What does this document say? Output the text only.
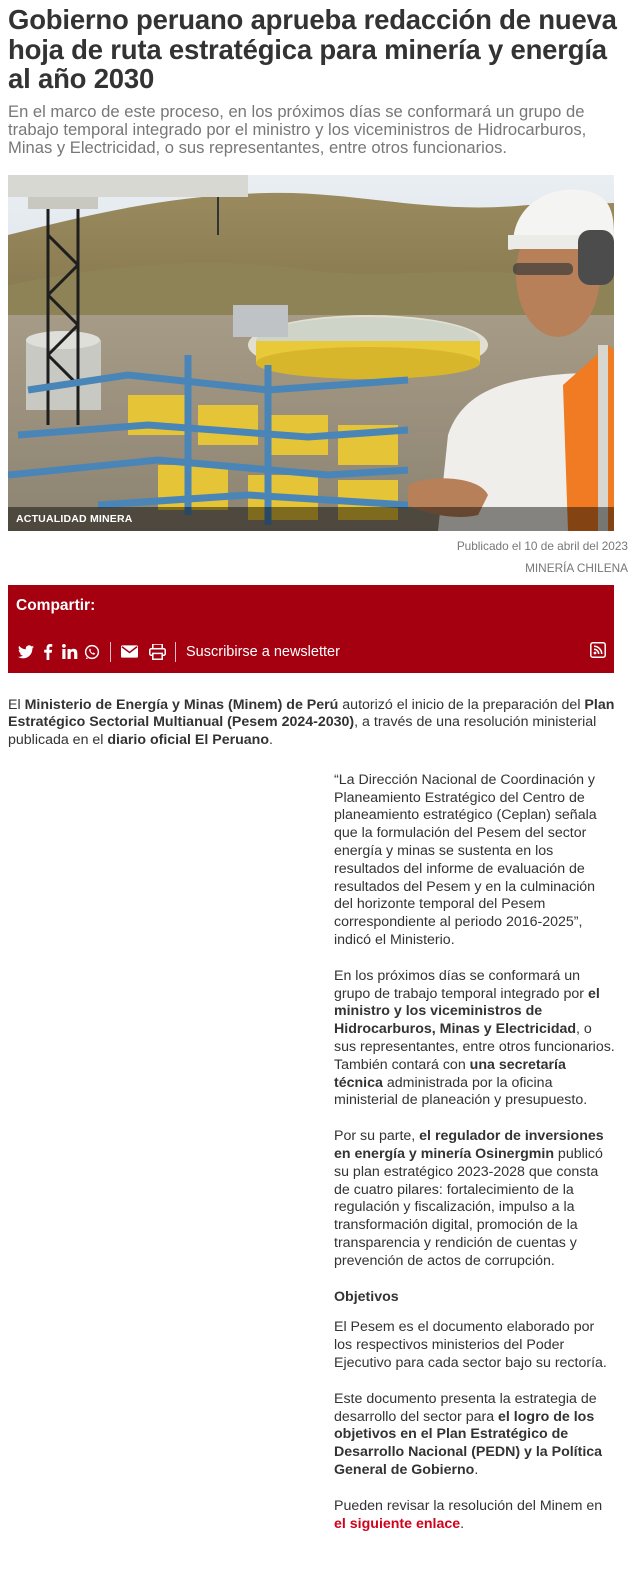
Gobierno peruano aprueba redacción de nueva hoja de ruta estratégica para minería y energía al año 2030

En el marco de este proceso, en los próximos días se conformará un grupo de trabajo temporal integrado por el ministro y los viceministros de Hidrocarburos, Minas y Electricidad, o sus representantes, entre otros funcionarios.

ACTUALIDAD MINERA
Publicado el 10 de abril del 2023
MINERÍA CHILENA
Compartir:
Suscribirse a newsletter

El Ministerio de Energía y Minas (Minem) de Perú autorizó el inicio de la preparación del Plan Estratégico Sectorial Multianual (Pesem 2024-2030), a través de una resolución ministerial publicada en el diario oficial El Peruano.

“La Dirección Nacional de Coordinación y Planeamiento Estratégico del Centro de planeamiento estratégico (Ceplan) señala que la formulación del Pesem del sector energía y minas se sustenta en los resultados del informe de evaluación de resultados del Pesem y en la culminación del horizonte temporal del Pesem correspondiente al periodo 2016-2025”, indicó el Ministerio.

En los próximos días se conformará un grupo de trabajo temporal integrado por el ministro y los viceministros de Hidrocarburos, Minas y Electricidad, o sus representantes, entre otros funcionarios. También contará con una secretaría técnica administrada por la oficina ministerial de planeación y presupuesto.

Por su parte, el regulador de inversiones en energía y minería Osinergmin publicó su plan estratégico 2023-2028 que consta de cuatro pilares: fortalecimiento de la regulación y fiscalización, impulso a la transformación digital, promoción de la transparencia y rendición de cuentas y prevención de actos de corrupción.

Objetivos

El Pesem es el documento elaborado por los respectivos ministerios del Poder Ejecutivo para cada sector bajo su rectoría.

Este documento presenta la estrategia de desarrollo del sector para el logro de los objetivos en el Plan Estratégico de Desarrollo Nacional (PEDN) y la Política General de Gobierno.

Pueden revisar la resolución del Minem en el siguiente enlace.
